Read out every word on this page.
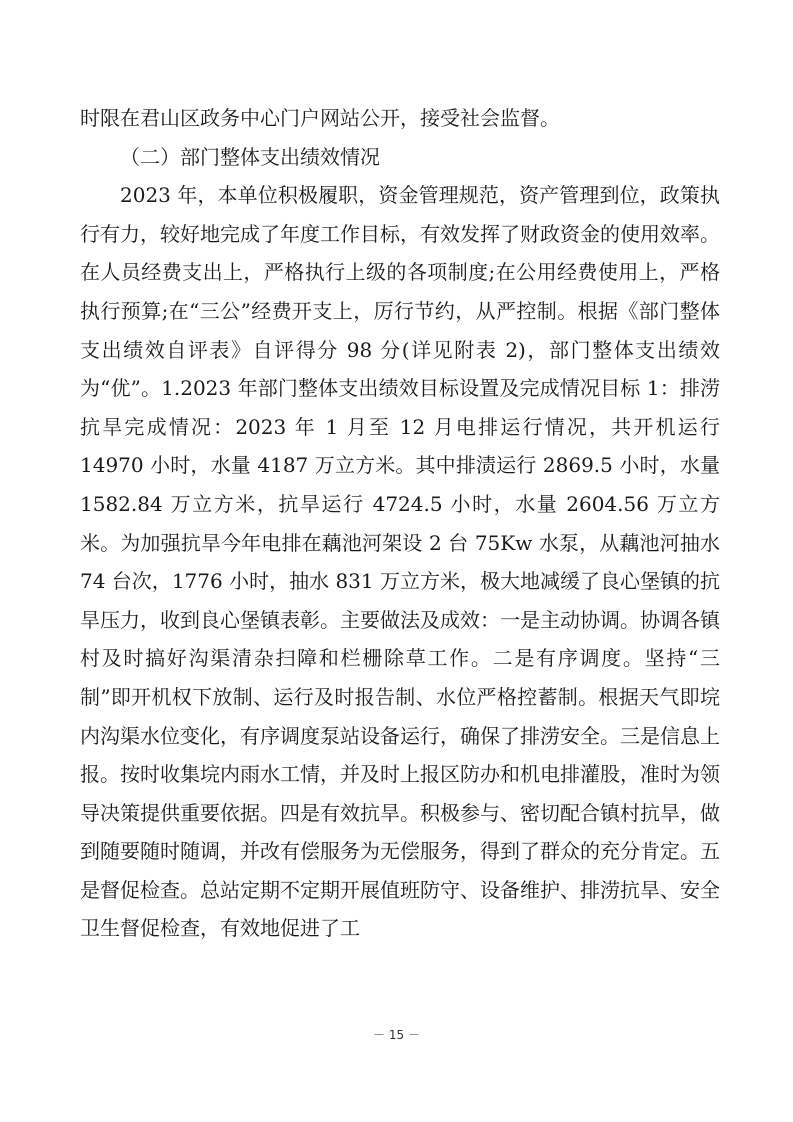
时限在君山区政务中心门户网站公开，接受社会监督。

（二）部门整体支出绩效情况

2023 年，本单位积极履职，资金管理规范，资产管理到位，政策执行有力，较好地完成了年度工作目标，有效发挥了财政资金的使用效率。在人员经费支出上，严格执行上级的各项制度;在公用经费使用上，严格执行预算;在“三公”经费开支上，厉行节约，从严控制。根据《部门整体支出绩效自评表》自评得分 98 分(详见附表 2)，部门整体支出绩效为“优”。1.2023 年部门整体支出绩效目标设置及完成情况目标 1：排涝抗旱完成情况：2023 年 1 月至 12 月电排运行情况，共开机运行 14970 小时，水量 4187 万立方米。其中排渍运行 2869.5 小时，水量 1582.84 万立方米，抗旱运行 4724.5 小时，水量 2604.56 万立方米。为加强抗旱今年电排在藕池河架设 2 台 75Kw 水泵，从藕池河抽水 74 台次，1776 小时，抽水 831 万立方米，极大地减缓了良心堡镇的抗旱压力，收到良心堡镇表彰。主要做法及成效：一是主动协调。协调各镇村及时搞好沟渠清杂扫障和栏栅除草工作。二是有序调度。坚持“三制”即开机权下放制、运行及时报告制、水位严格控蓄制。根据天气即垸内沟渠水位变化，有序调度泵站设备运行，确保了排涝安全。三是信息上报。按时收集垸内雨水工情，并及时上报区防办和机电排灌股，准时为领导决策提供重要依据。四是有效抗旱。积极参与、密切配合镇村抗旱，做到随要随时随调，并改有偿服务为无偿服务，得到了群众的充分肯定。五是督促检查。总站定期不定期开展值班防守、设备维护、排涝抗旱、安全卫生督促检查，有效地促进了工

－ 15 －
